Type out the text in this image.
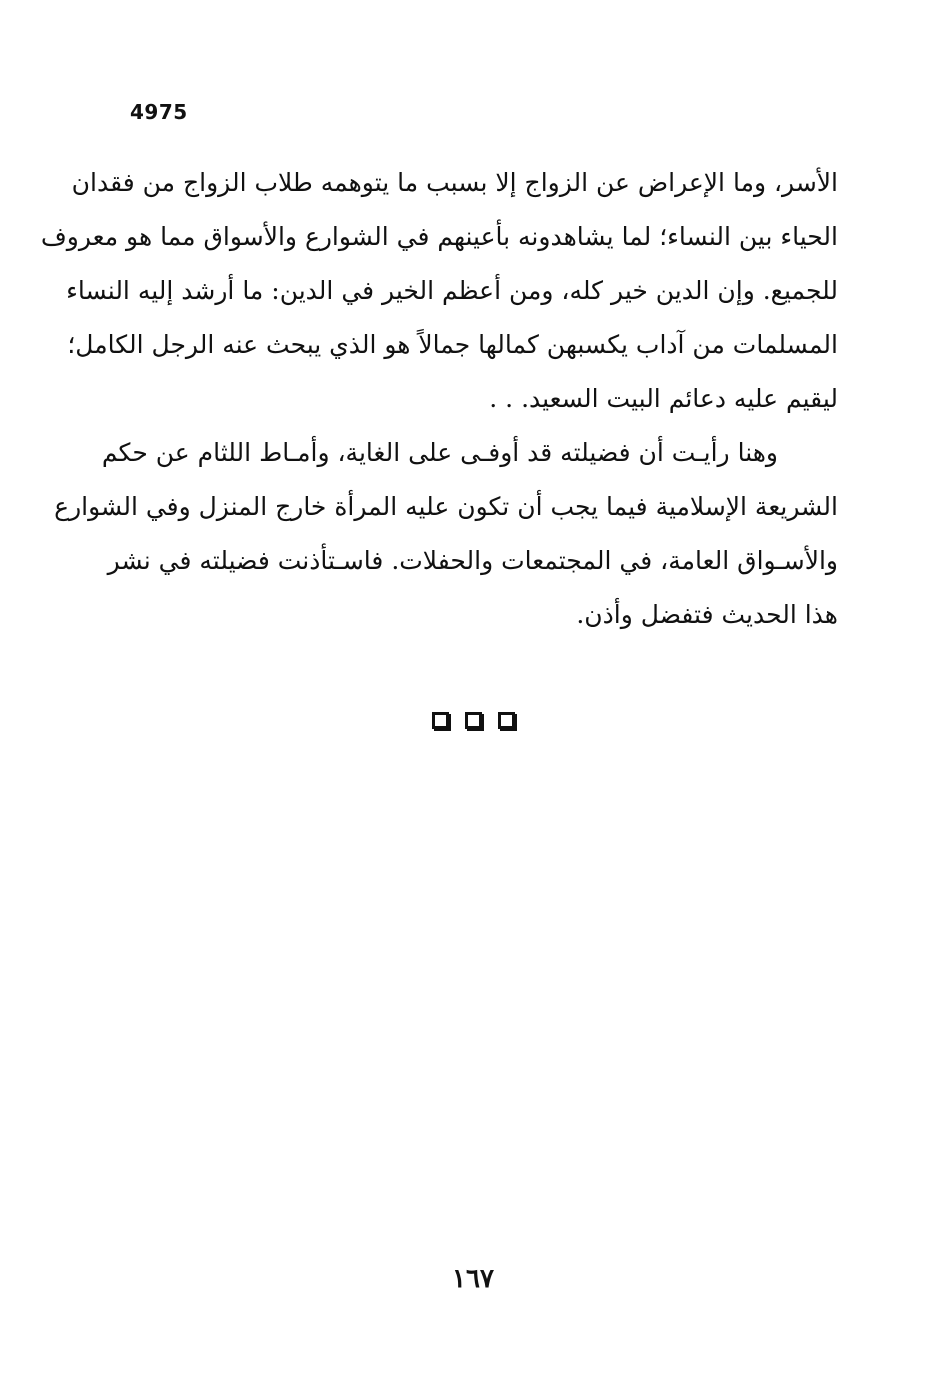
4975
الأسر، وما الإعراض عن الزواج إلا بسبب ما يتوهمه طلاب الزواج من فقدان
الحياء بين النساء؛ لما يشاهدونه بأعينهم في الشوارع والأسواق مما هو معروف
للجميع. وإن الدين خير كله، ومن أعظم الخير في الدين: ما أرشد إليه النساء
المسلمات من آداب يكسبهن كمالها جمالاً هو الذي يبحث عنه الرجل الكامل؛
ليقيم عليه دعائم البيت السعيد. . .
وهنا رأيـت أن فضيلته قد أوفـى على الغاية، وأمـاط اللثام عن حكم
الشريعة الإسلامية فيما يجب أن تكون عليه المرأة خارج المنزل وفي الشوارع
والأسـواق العامة، في المجتمعات والحفلات. فاسـتأذنت فضيلته في نشر
هذا الحديث فتفضل وأذن.
١٦٧
